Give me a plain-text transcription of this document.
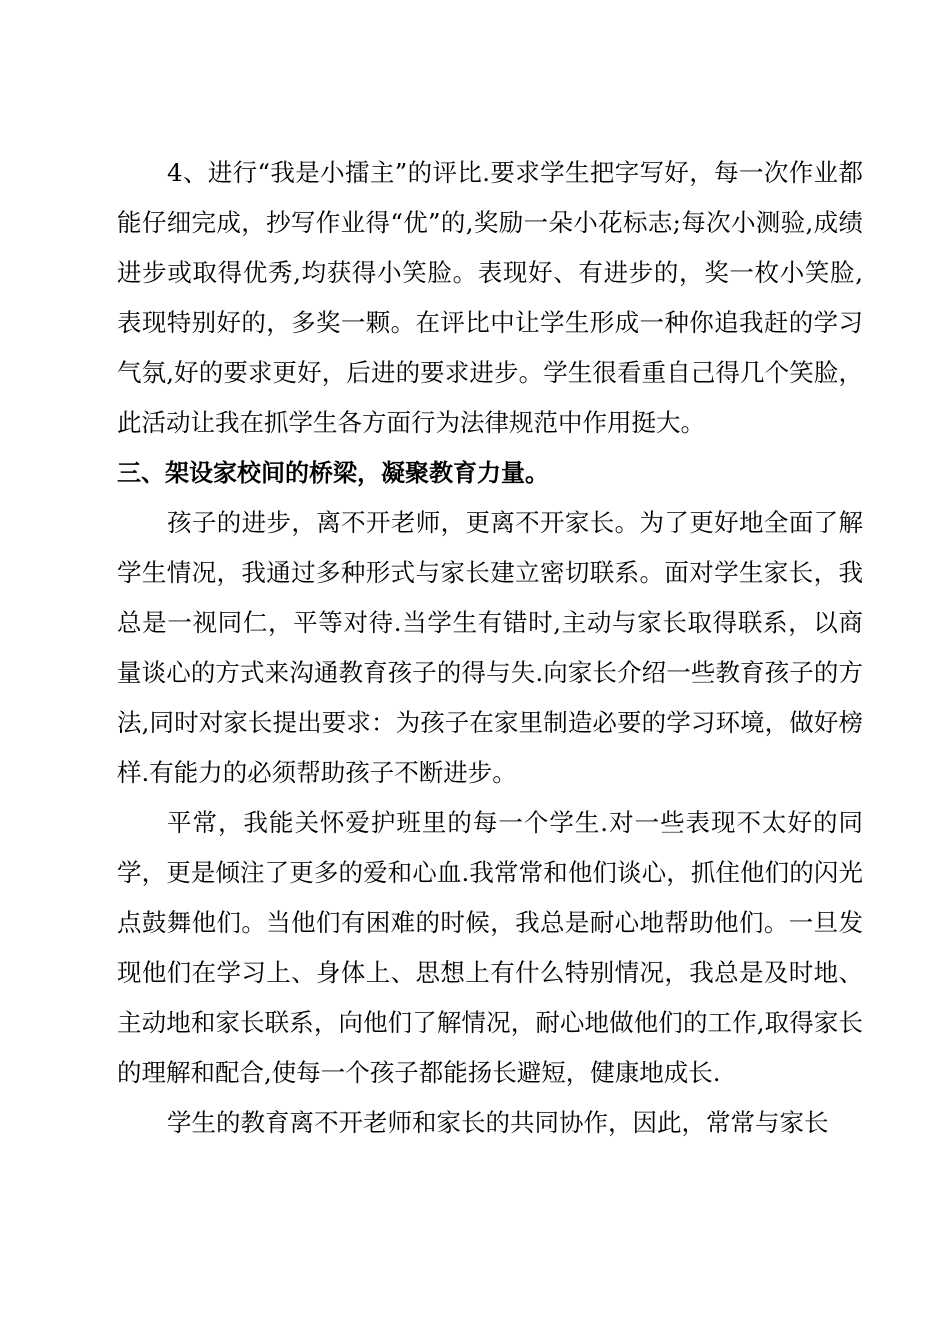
4、进行“我是小擂主”的评比.要求学生把字写好，每一次作业都能仔细完成，抄写作业得“优”的,奖励一朵小花标志;每次小测验,成绩进步或取得优秀,均获得小笑脸。表现好、有进步的，奖一枚小笑脸,表现特别好的，多奖一颗。在评比中让学生形成一种你追我赶的学习气氛,好的要求更好，后进的要求进步。学生很看重自己得几个笑脸，此活动让我在抓学生各方面行为法律规范中作用挺大。

三、架设家校间的桥梁，凝聚教育力量。

孩子的进步，离不开老师，更离不开家长。为了更好地全面了解学生情况，我通过多种形式与家长建立密切联系。面对学生家长，我总是一视同仁，平等对待.当学生有错时,主动与家长取得联系，以商量谈心的方式来沟通教育孩子的得与失.向家长介绍一些教育孩子的方法,同时对家长提出要求：为孩子在家里制造必要的学习环境，做好榜样.有能力的必须帮助孩子不断进步。

平常，我能关怀爱护班里的每一个学生.对一些表现不太好的同学，更是倾注了更多的爱和心血.我常常和他们谈心，抓住他们的闪光点鼓舞他们。当他们有困难的时候，我总是耐心地帮助他们。一旦发现他们在学习上、身体上、思想上有什么特别情况，我总是及时地、主动地和家长联系，向他们了解情况，耐心地做他们的工作,取得家长的理解和配合,使每一个孩子都能扬长避短，健康地成长.

学生的教育离不开老师和家长的共同协作，因此，常常与家长
